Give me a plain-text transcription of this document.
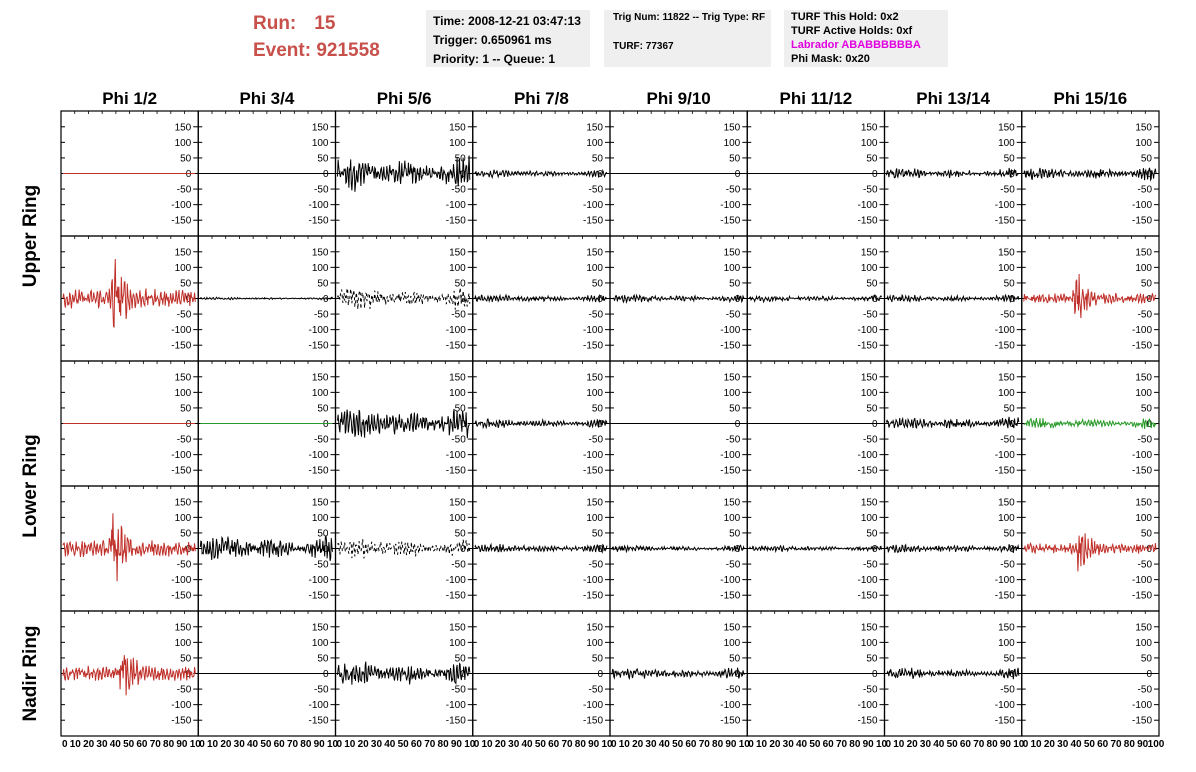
Run: 15
Event: 921558
Time: 2008-12-21 03:47:13
Trigger: 0.650961 ms
Priority: 1 -- Queue: 1
Trig Num: 11822 -- Trig Type: RF
TURF: 77367
TURF This Hold: 0x2
TURF Active Holds: 0xf
Labrador ABABBBBBBA
Phi Mask: 0x20
Phi 1/2	Phi 3/4	Phi 5/6	Phi 7/8	Phi 9/10	Phi 11/12	Phi 13/14	Phi 15/16
Upper Ring
Lower Ring
Nadir Ring
150
100
50
0
-50
-100
-150
150
100
50
0
-50
-100
-150
150
100
50
0
-50
-100
-150
150
100
50
0
-50
-100
-150
150
100
50
0
-50
-100
-150
150
100
50
0
-50
-100
-150
150
100
50
0
-50
-100
-150
150
100
50
0
-50
-100
-150
150
100
50
0
-50
-100
-150
150
100
50
0
-50
-100
-150
150
100
50
0
-50
-100
-150
150
100
50
0
-50
-100
-150
150
100
50
0
-50
-100
-150
150
100
50
0
-50
-100
-150
150
100
50
0
-50
-100
-150
150
100
50
0
-50
-100
-150
150
100
50
0
-50
-100
-150
150
100
50
0
-50
-100
-150
150
100
50
0
-50
-100
-150
150
100
50
0
-50
-100
-150
150
100
50
0
-50
-100
-150
150
100
50
0
-50
-100
-150
150
100
50
0
-50
-100
-150
150
100
50
0
-50
-100
-150
150
100
50
0
-50
-100
-150
150
100
50
0
-50
-100
-150
150
100
50
0
-50
-100
-150
150
100
50
0
-50
-100
-150
150
100
50
0
-50
-100
-150
150
100
50
0
-50
-100
-150
150
100
50
0
-50
-100
-150
150
100
50
0
-50
-100
-150
150
100
50
0
-50
-100
-150
150
100
50
0
-50
-100
-150
150
100
50
0
-50
-100
-150
150
100
50
0
-50
-100
-150
150
100
50
0
-50
-100
-150
150
100
50
0
-50
-100
-150
150
100
50
0
-50
-100
-150
150
100
50
0
-50
-100
-150
0 10 20 30 40 50 60 70 80 90 10
0 10 20 30 40 50 60 70 80 90 10
0 10 20 30 40 50 60 70 80 90 10
0 10 20 30 40 50 60 70 80 90 10
0 10 20 30 40 50 60 70 80 90 10
0 10 20 30 40 50 60 70 80 90 10
0 10 20 30 40 50 60 70 80 90 10
0 10 20 30 40 50 60 70 80 90 100
